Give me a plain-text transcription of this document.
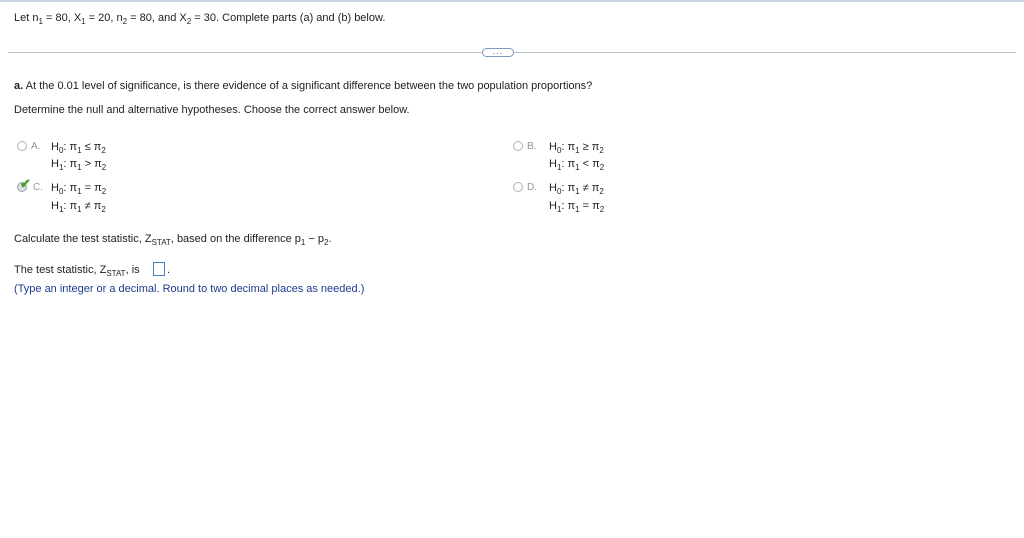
Let $n_1 = 80$, $X_1 = 20$, $n_2 = 80$, and $X_2 = 30$. Complete parts (a) and (b) below.
...
a. At the 0.01 level of significance, is there evidence of a significant difference between the two population proportions?
Determine the null and alternative hypotheses. Choose the correct answer below.
A. $H_0$: $\pi_1 \le \pi_2$
$H_1$: $\pi_1 > \pi_2$
B. $H_0$: $\pi_1 \ge \pi_2$
$H_1$: $\pi_1 < \pi_2$
✔ C. $H_0$: $\pi_1 = \pi_2$
$H_1$: $\pi_1 \ne \pi_2$
D. $H_0$: $\pi_1 \ne \pi_2$
$H_1$: $\pi_1 = \pi_2$
Calculate the test statistic, $Z_{STAT}$, based on the difference $p_1 - p_2$.
The test statistic, $Z_{STAT}$, is .
(Type an integer or a decimal. Round to two decimal places as needed.)
